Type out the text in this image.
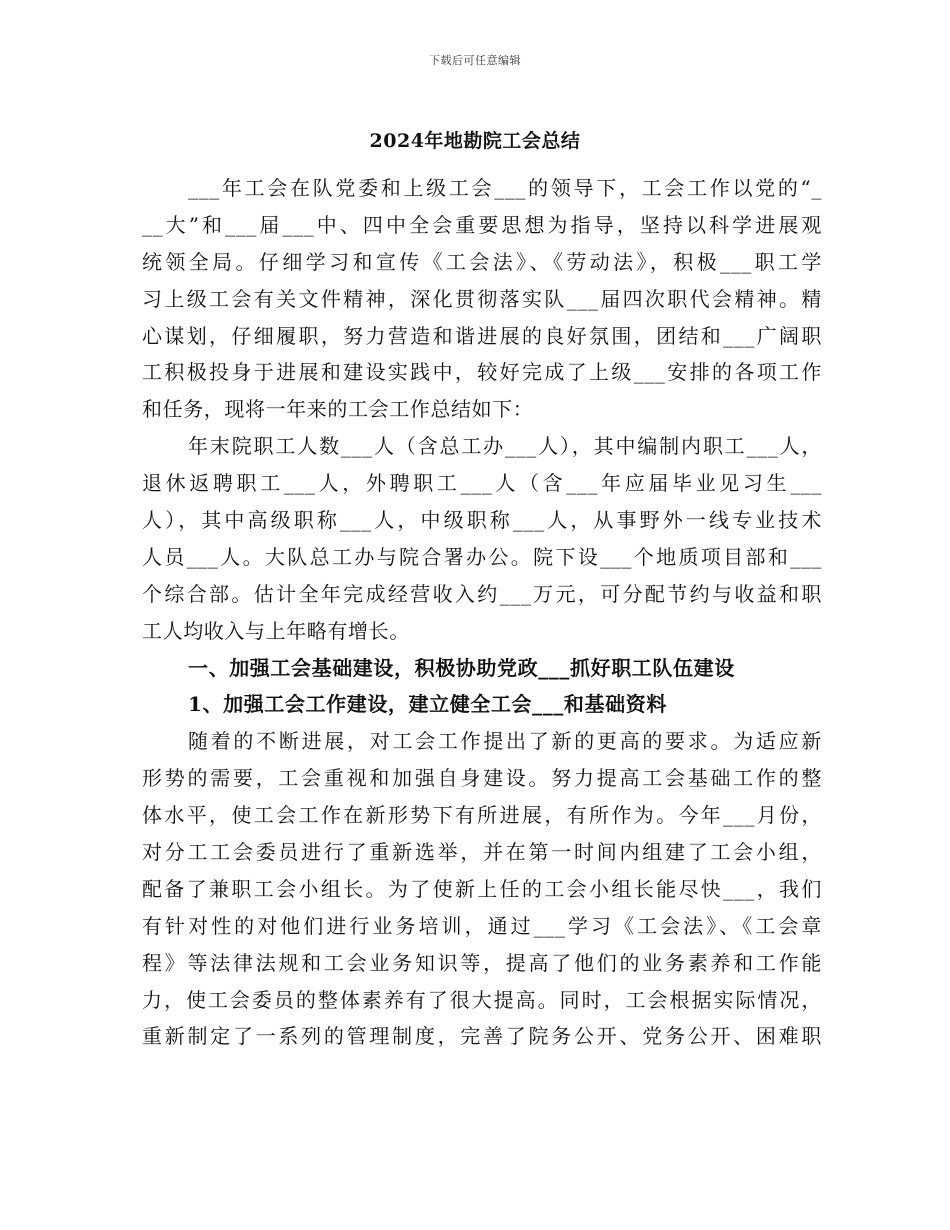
下载后可任意编辑
2024年地勘院工会总结
___年工会在队党委和上级工会___的领导下，工会工作以党的“_
__大”和___届___中、四中全会重要思想为指导，坚持以科学进展观
统领全局。仔细学习和宣传《工会法》、《劳动法》，积极___职工学
习上级工会有关文件精神，深化贯彻落实队___届四次职代会精神。精
心谋划，仔细履职，努力营造和谐进展的良好氛围，团结和___广阔职
工积极投身于进展和建设实践中，较好完成了上级___安排的各项工作
和任务，现将一年来的工会工作总结如下：
年末院职工人数___人（含总工办___人），其中编制内职工___人，
退休返聘职工___人，外聘职工___人（含___年应届毕业见习生___
人），其中高级职称___人，中级职称___人，从事野外一线专业技术
人员___人。大队总工办与院合署办公。院下设___个地质项目部和___
个综合部。估计全年完成经营收入约___万元，可分配节约与收益和职
工人均收入与上年略有增长。
一、加强工会基础建设，积极协助党政___抓好职工队伍建设
1、加强工会工作建设，建立健全工会___和基础资料
随着的不断进展，对工会工作提出了新的更高的要求。为适应新
形势的需要，工会重视和加强自身建设。努力提高工会基础工作的整
体水平，使工会工作在新形势下有所进展，有所作为。今年___月份，
对分工工会委员进行了重新选举，并在第一时间内组建了工会小组，
配备了兼职工会小组长。为了使新上任的工会小组长能尽快___，我们
有针对性的对他们进行业务培训，通过___学习《工会法》、《工会章
程》等法律法规和工会业务知识等，提高了他们的业务素养和工作能
力，使工会委员的整体素养有了很大提高。同时，工会根据实际情况，
重新制定了一系列的管理制度，完善了院务公开、党务公开、困难职
